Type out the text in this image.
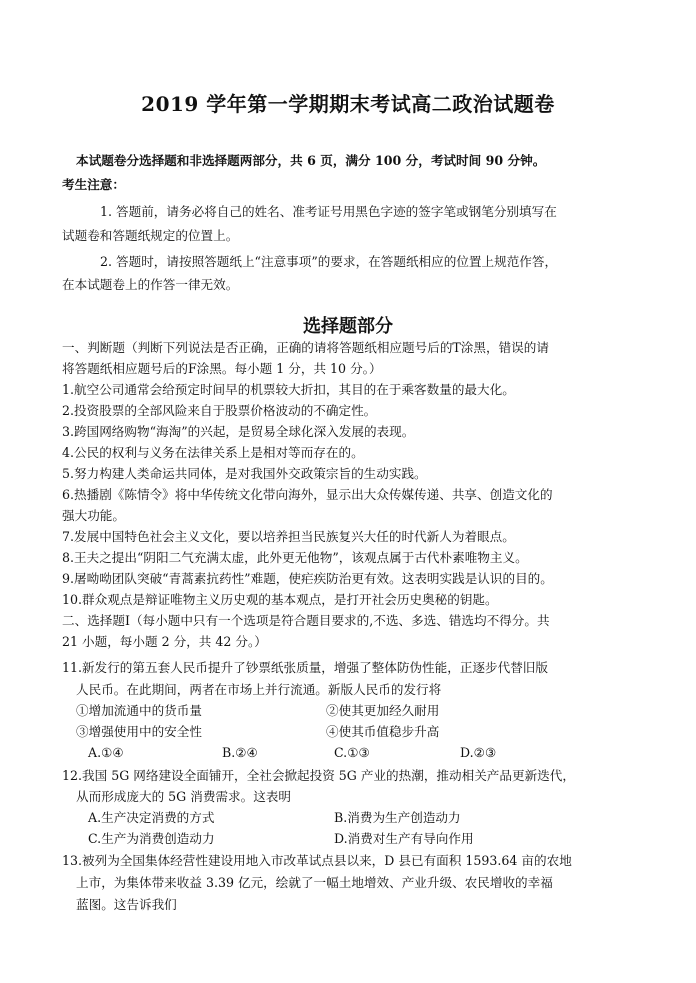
2019 学年第一学期期末考试高二政治试题卷
本试题卷分选择题和非选择题两部分，共 6 页，满分 100 分，考试时间 90 分钟。
考生注意：
1. 答题前，请务必将自己的姓名、准考证号用黑色字迹的签字笔或钢笔分别填写在
试题卷和答题纸规定的位置上。
2. 答题时，请按照答题纸上“注意事项”的要求，在答题纸相应的位置上规范作答，
在本试题卷上的作答一律无效。
选择题部分
一、判断题（判断下列说法是否正确，正确的请将答题纸相应题号后的T涂黑，错误的请
将答题纸相应题号后的F涂黑。每小题 1 分，共 10 分。）
1.航空公司通常会给预定时间早的机票较大折扣，其目的在于乘客数量的最大化。
2.投资股票的全部风险来自于股票价格波动的不确定性。
3.跨国网络购物“海淘”的兴起，是贸易全球化深入发展的表现。
4.公民的权利与义务在法律关系上是相对等而存在的。
5.努力构建人类命运共同体，是对我国外交政策宗旨的生动实践。
6.热播剧《陈情令》将中华传统文化带向海外，显示出大众传媒传递、共享、创造文化的
强大功能。
7.发展中国特色社会主义文化，要以培养担当民族复兴大任的时代新人为着眼点。
8.王夫之提出“阴阳二气充满太虚，此外更无他物”，该观点属于古代朴素唯物主义。
9.屠呦呦团队突破“青蒿素抗药性”难题，使疟疾防治更有效。这表明实践是认识的目的。
10.群众观点是辩证唯物主义历史观的基本观点，是打开社会历史奥秘的钥匙。
二、选择题Ⅰ（每小题中只有一个选项是符合题目要求的,不选、多选、错选均不得分。共
21 小题，每小题 2 分，共 42 分。）
11.新发行的第五套人民币提升了钞票纸张质量，增强了整体防伪性能，正逐步代替旧版
人民币。在此期间，两者在市场上并行流通。新版人民币的发行将
①增加流通中的货币量	②使其更加经久耐用
③增强使用中的安全性	④使其币值稳步升高
A.①④	B.②④	C.①③	D.②③
12.我国 5G 网络建设全面铺开，全社会掀起投资 5G 产业的热潮，推动相关产品更新迭代，
从而形成庞大的 5G 消费需求。这表明
A.生产决定消费的方式	B.消费为生产创造动力
C.生产为消费创造动力	D.消费对生产有导向作用
13.被列为全国集体经营性建设用地入市改革试点县以来，D 县已有面积 1593.64 亩的农地
上市，为集体带来收益 3.39 亿元，绘就了一幅土地增效、产业升级、农民增收的幸福
蓝图。这告诉我们
